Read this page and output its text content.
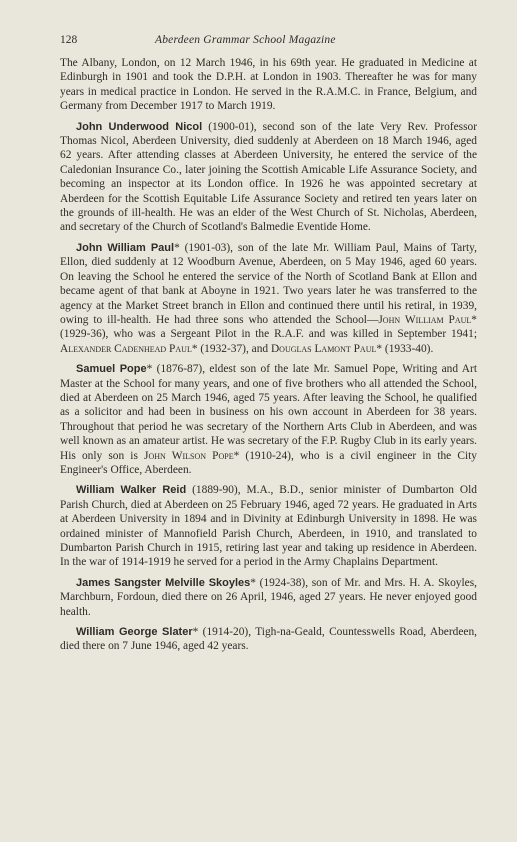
128	Aberdeen Grammar School Magazine

The Albany, London, on 12 March 1946, in his 69th year. He graduated in Medicine at Edinburgh in 1901 and took the D.P.H. at London in 1903. Thereafter he was for many years in medical practice in London. He served in the R.A.M.C. in France, Belgium, and Germany from December 1917 to March 1919.

John Underwood Nicol (1900-01), second son of the late Very Rev. Professor Thomas Nicol, Aberdeen University, died suddenly at Aberdeen on 18 March 1946, aged 62 years. After attending classes at Aberdeen University, he entered the service of the Caledonian Insurance Co., later joining the Scottish Amicable Life Assurance Society, and becoming an inspector at its London office. In 1926 he was appointed secretary at Aberdeen for the Scottish Equitable Life Assurance Society and retired ten years later on the grounds of ill-health. He was an elder of the West Church of St. Nicholas, Aberdeen, and secretary of the Church of Scotland's Balmedie Eventide Home.

John William Paul* (1901-03), son of the late Mr. William Paul, Mains of Tarty, Ellon, died suddenly at 12 Woodburn Avenue, Aberdeen, on 5 May 1946, aged 60 years. On leaving the School he entered the service of the North of Scotland Bank at Ellon and became agent of that bank at Aboyne in 1921. Two years later he was transferred to the agency at the Market Street branch in Ellon and continued there until his retiral, in 1939, owing to ill-health. He had three sons who attended the School—John William Paul* (1929-36), who was a Sergeant Pilot in the R.A.F. and was killed in September 1941; Alexander Cadenhead Paul* (1932-37), and Douglas Lamont Paul* (1933-40).

Samuel Pope* (1876-87), eldest son of the late Mr. Samuel Pope, Writing and Art Master at the School for many years, and one of five brothers who all attended the School, died at Aberdeen on 25 March 1946, aged 75 years. After leaving the School, he qualified as a solicitor and had been in business on his own account in Aberdeen for 38 years. Throughout that period he was secretary of the Northern Arts Club in Aberdeen, and was well known as an amateur artist. He was secretary of the F.P. Rugby Club in its early years. His only son is John Wilson Pope* (1910-24), who is a civil engineer in the City Engineer's Office, Aberdeen.

William Walker Reid (1889-90), M.A., B.D., senior minister of Dumbarton Old Parish Church, died at Aberdeen on 25 February 1946, aged 72 years. He graduated in Arts at Aberdeen University in 1894 and in Divinity at Edinburgh University in 1898. He was ordained minister of Mannofield Parish Church, Aberdeen, in 1910, and translated to Dumbarton Parish Church in 1915, retiring last year and taking up residence in Aberdeen. In the war of 1914-1919 he served for a period in the Army Chaplains Department.

James Sangster Melville Skoyles* (1924-38), son of Mr. and Mrs. H. A. Skoyles, Marchburn, Fordoun, died there on 26 April, 1946, aged 27 years. He never enjoyed good health.

William George Slater* (1914-20), Tigh-na-Geald, Countesswells Road, Aberdeen, died there on 7 June 1946, aged 42 years.
